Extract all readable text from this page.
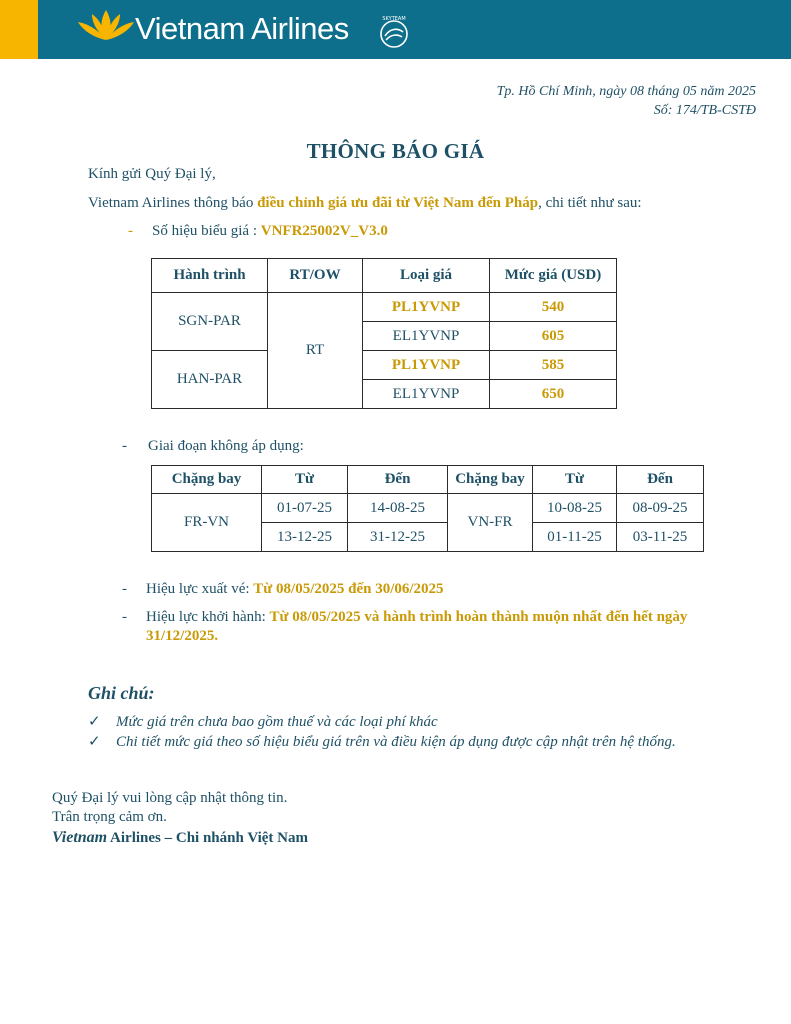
Vietnam Airlines	SKYTEAM
Tp. Hồ Chí Minh, ngày 08 tháng 05 năm 2025
Số: 174/TB-CSTĐ
THÔNG BÁO GIÁ
Kính gửi Quý Đại lý,
Vietnam Airlines thông báo điều chỉnh giá ưu đãi từ Việt Nam đến Pháp, chi tiết như sau:
- Số hiệu biểu giá : VNFR25002V_V3.0
Hành trình	RT/OW	Loại giá	Mức giá (USD)
SGN-PAR	RT	PL1YVNP	540
		EL1YVNP	605
HAN-PAR		PL1YVNP	585
		EL1YVNP	650
- Giai đoạn không áp dụng:
Chặng bay	Từ	Đến	Chặng bay	Từ	Đến
FR-VN	01-07-25	14-08-25	VN-FR	10-08-25	08-09-25
	13-12-25	31-12-25		01-11-25	03-11-25
- Hiệu lực xuất vé: Từ 08/05/2025 đến 30/06/2025
- Hiệu lực khởi hành: Từ 08/05/2025 và hành trình hoàn thành muộn nhất đến hết ngày
31/12/2025.
Ghi chú:
✓ Mức giá trên chưa bao gồm thuế và các loại phí khác
✓ Chi tiết mức giá theo số hiệu biểu giá trên và điều kiện áp dụng được cập nhật trên hệ thống.
Quý Đại lý vui lòng cập nhật thông tin.
Trân trọng cảm ơn.
Vietnam Airlines – Chi nhánh Việt Nam
